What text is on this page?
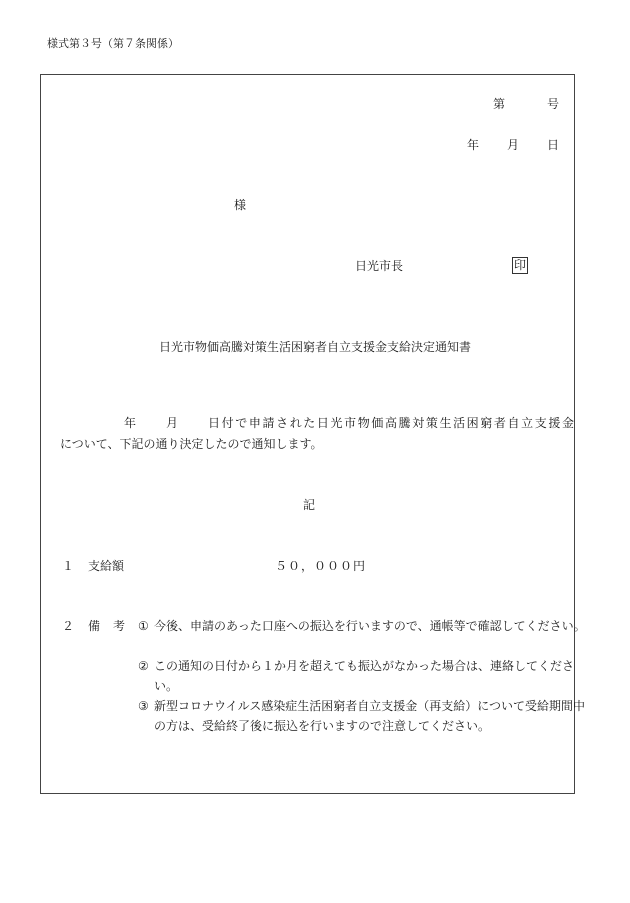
様式第３号（第７条関係）
第	号
年 月 日
様
日光市長	印
日光市物価高騰対策生活困窮者自立支援金支給決定通知書
年 月 日付で申請された日光市物価高騰対策生活困窮者自立支援金
について、下記の通り決定したので通知します。
記
１ 支給額	５０，０００円
２ 備 考 ① 今後、申請のあった口座への振込を行いますので、通帳等で確認してください。
② この通知の日付から１か月を超えても振込がなかった場合は、連絡してください。
③ 新型コロナウイルス感染症生活困窮者自立支援金（再支給）について受給期間中の方は、受給終了後に振込を行いますので注意してください。
